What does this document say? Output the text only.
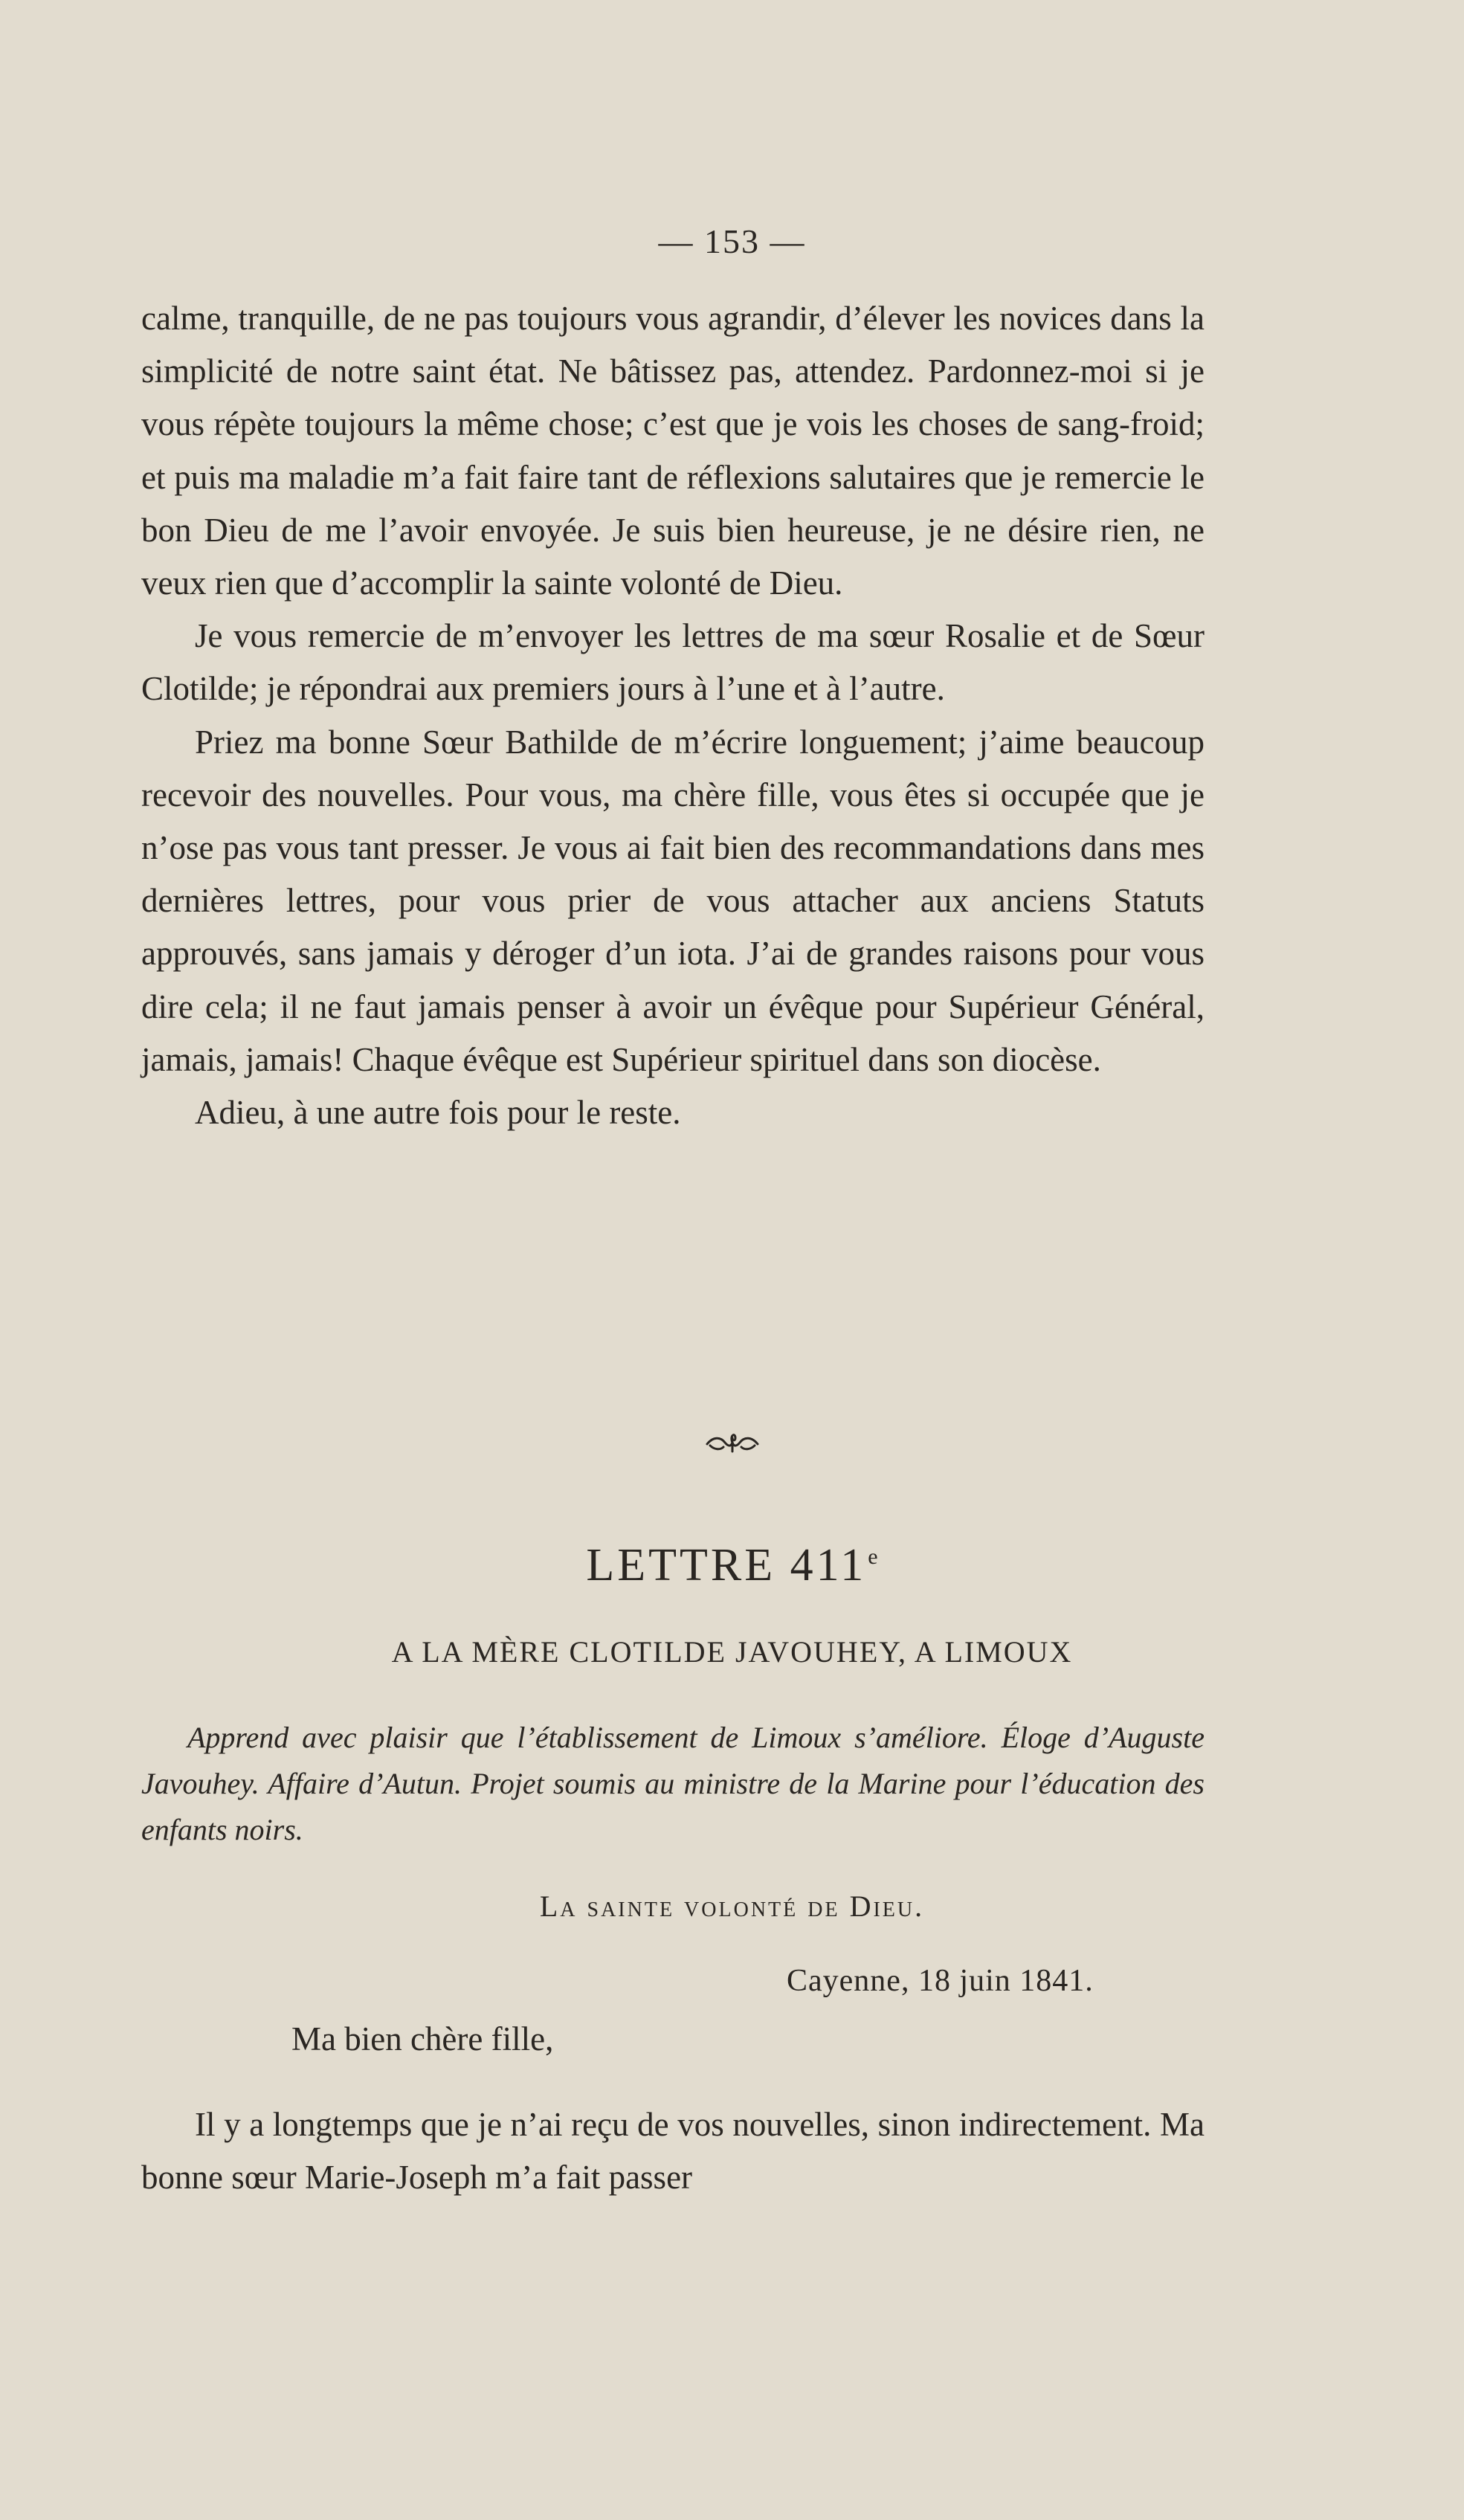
— 153 —

calme, tranquille, de ne pas toujours vous agrandir, d’élever les novices dans la simplicité de notre saint état. Ne bâtissez pas, attendez. Pardonnez-moi si je vous répète toujours la même chose; c’est que je vois les choses de sang-froid; et puis ma maladie m’a fait faire tant de réflexions salutaires que je remercie le bon Dieu de me l’avoir envoyée. Je suis bien heureuse, je ne désire rien, ne veux rien que d’accomplir la sainte volonté de Dieu.

Je vous remercie de m’envoyer les lettres de ma sœur Rosalie et de Sœur Clotilde; je répondrai aux premiers jours à l’une et à l’autre.

Priez ma bonne Sœur Bathilde de m’écrire longuement; j’aime beaucoup recevoir des nouvelles. Pour vous, ma chère fille, vous êtes si occupée que je n’ose pas vous tant presser. Je vous ai fait bien des recommandations dans mes dernières lettres, pour vous prier de vous attacher aux anciens Statuts approuvés, sans jamais y déroger d’un iota. J’ai de grandes raisons pour vous dire cela; il ne faut jamais penser à avoir un évêque pour Supérieur Général, jamais, jamais! Chaque évêque est Supérieur spirituel dans son diocèse.

Adieu, à une autre fois pour le reste.

LETTRE 411e
A LA MÈRE CLOTILDE JAVOUHEY, A LIMOUX
Apprend avec plaisir que l’établissement de Limoux s’améliore. Éloge d’Auguste Javouhey. Affaire d’Autun. Projet soumis au ministre de la Marine pour l’éducation des enfants noirs.
La sainte volonté de Dieu.
Cayenne, 18 juin 1841.
Ma bien chère fille,

Il y a longtemps que je n’ai reçu de vos nouvelles, sinon indirectement. Ma bonne sœur Marie-Joseph m’a fait passer
